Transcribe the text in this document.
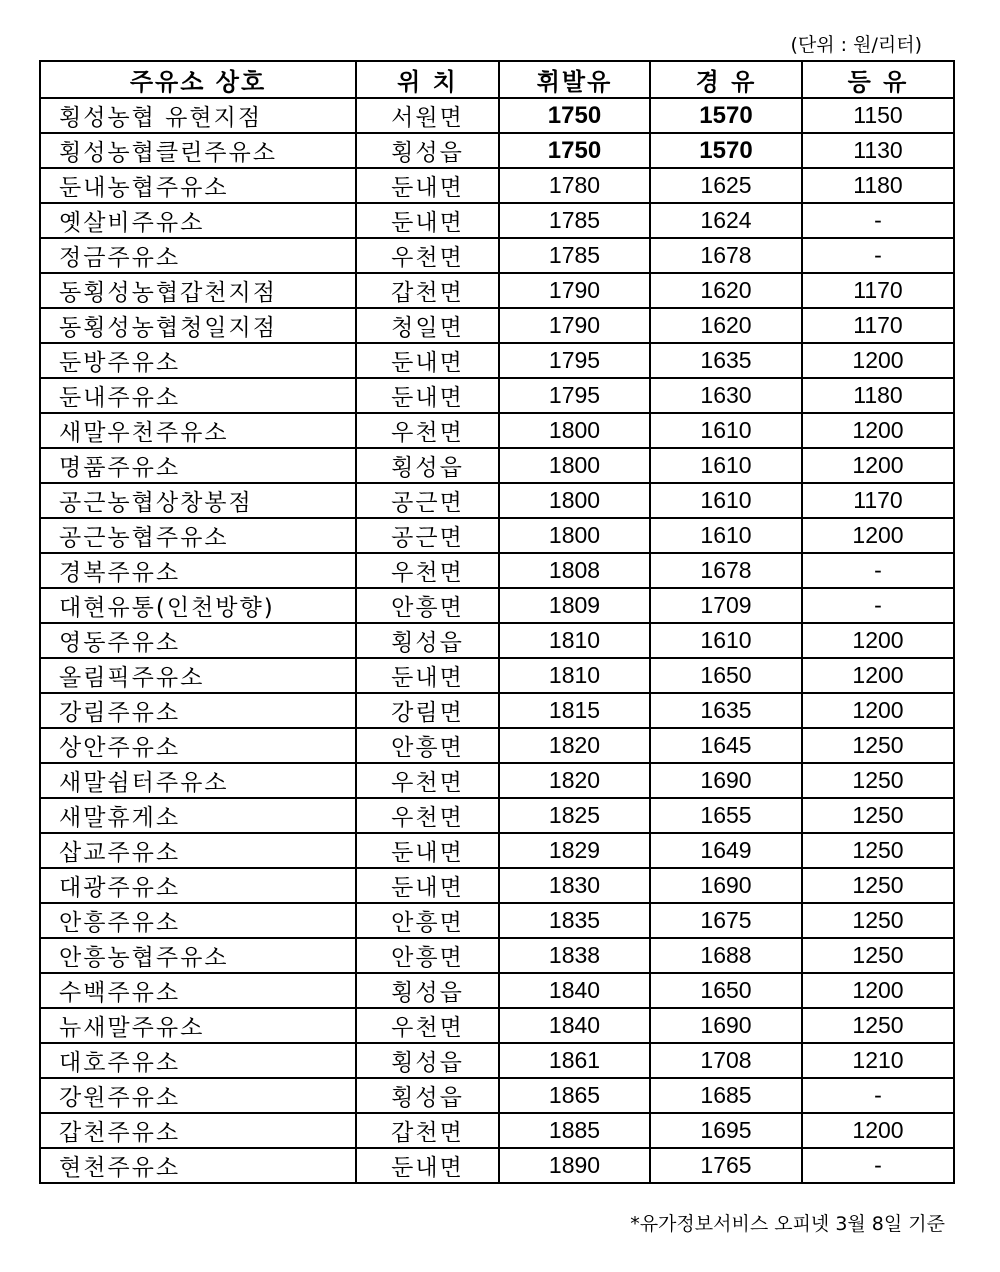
(단위 : 원/리터)
주유소 상호	위 치	휘발유	경 유	등 유
횡성농협 유현지점	서원면	1750	1570	1150
횡성농협클린주유소	횡성읍	1750	1570	1130
둔내농협주유소	둔내면	1780	1625	1180
옛살비주유소	둔내면	1785	1624	-
정금주유소	우천면	1785	1678	-
동횡성농협갑천지점	갑천면	1790	1620	1170
동횡성농협청일지점	청일면	1790	1620	1170
둔방주유소	둔내면	1795	1635	1200
둔내주유소	둔내면	1795	1630	1180
새말우천주유소	우천면	1800	1610	1200
명품주유소	횡성읍	1800	1610	1200
공근농협상창봉점	공근면	1800	1610	1170
공근농협주유소	공근면	1800	1610	1200
경복주유소	우천면	1808	1678	-
대현유통(인천방향)	안흥면	1809	1709	-
영동주유소	횡성읍	1810	1610	1200
올림픽주유소	둔내면	1810	1650	1200
강림주유소	강림면	1815	1635	1200
상안주유소	안흥면	1820	1645	1250
새말쉼터주유소	우천면	1820	1690	1250
새말휴게소	우천면	1825	1655	1250
삽교주유소	둔내면	1829	1649	1250
대광주유소	둔내면	1830	1690	1250
안흥주유소	안흥면	1835	1675	1250
안흥농협주유소	안흥면	1838	1688	1250
수백주유소	횡성읍	1840	1650	1200
뉴새말주유소	우천면	1840	1690	1250
대호주유소	횡성읍	1861	1708	1210
강원주유소	횡성읍	1865	1685	-
갑천주유소	갑천면	1885	1695	1200
현천주유소	둔내면	1890	1765	-
*유가정보서비스 오피넷 3월 8일 기준
